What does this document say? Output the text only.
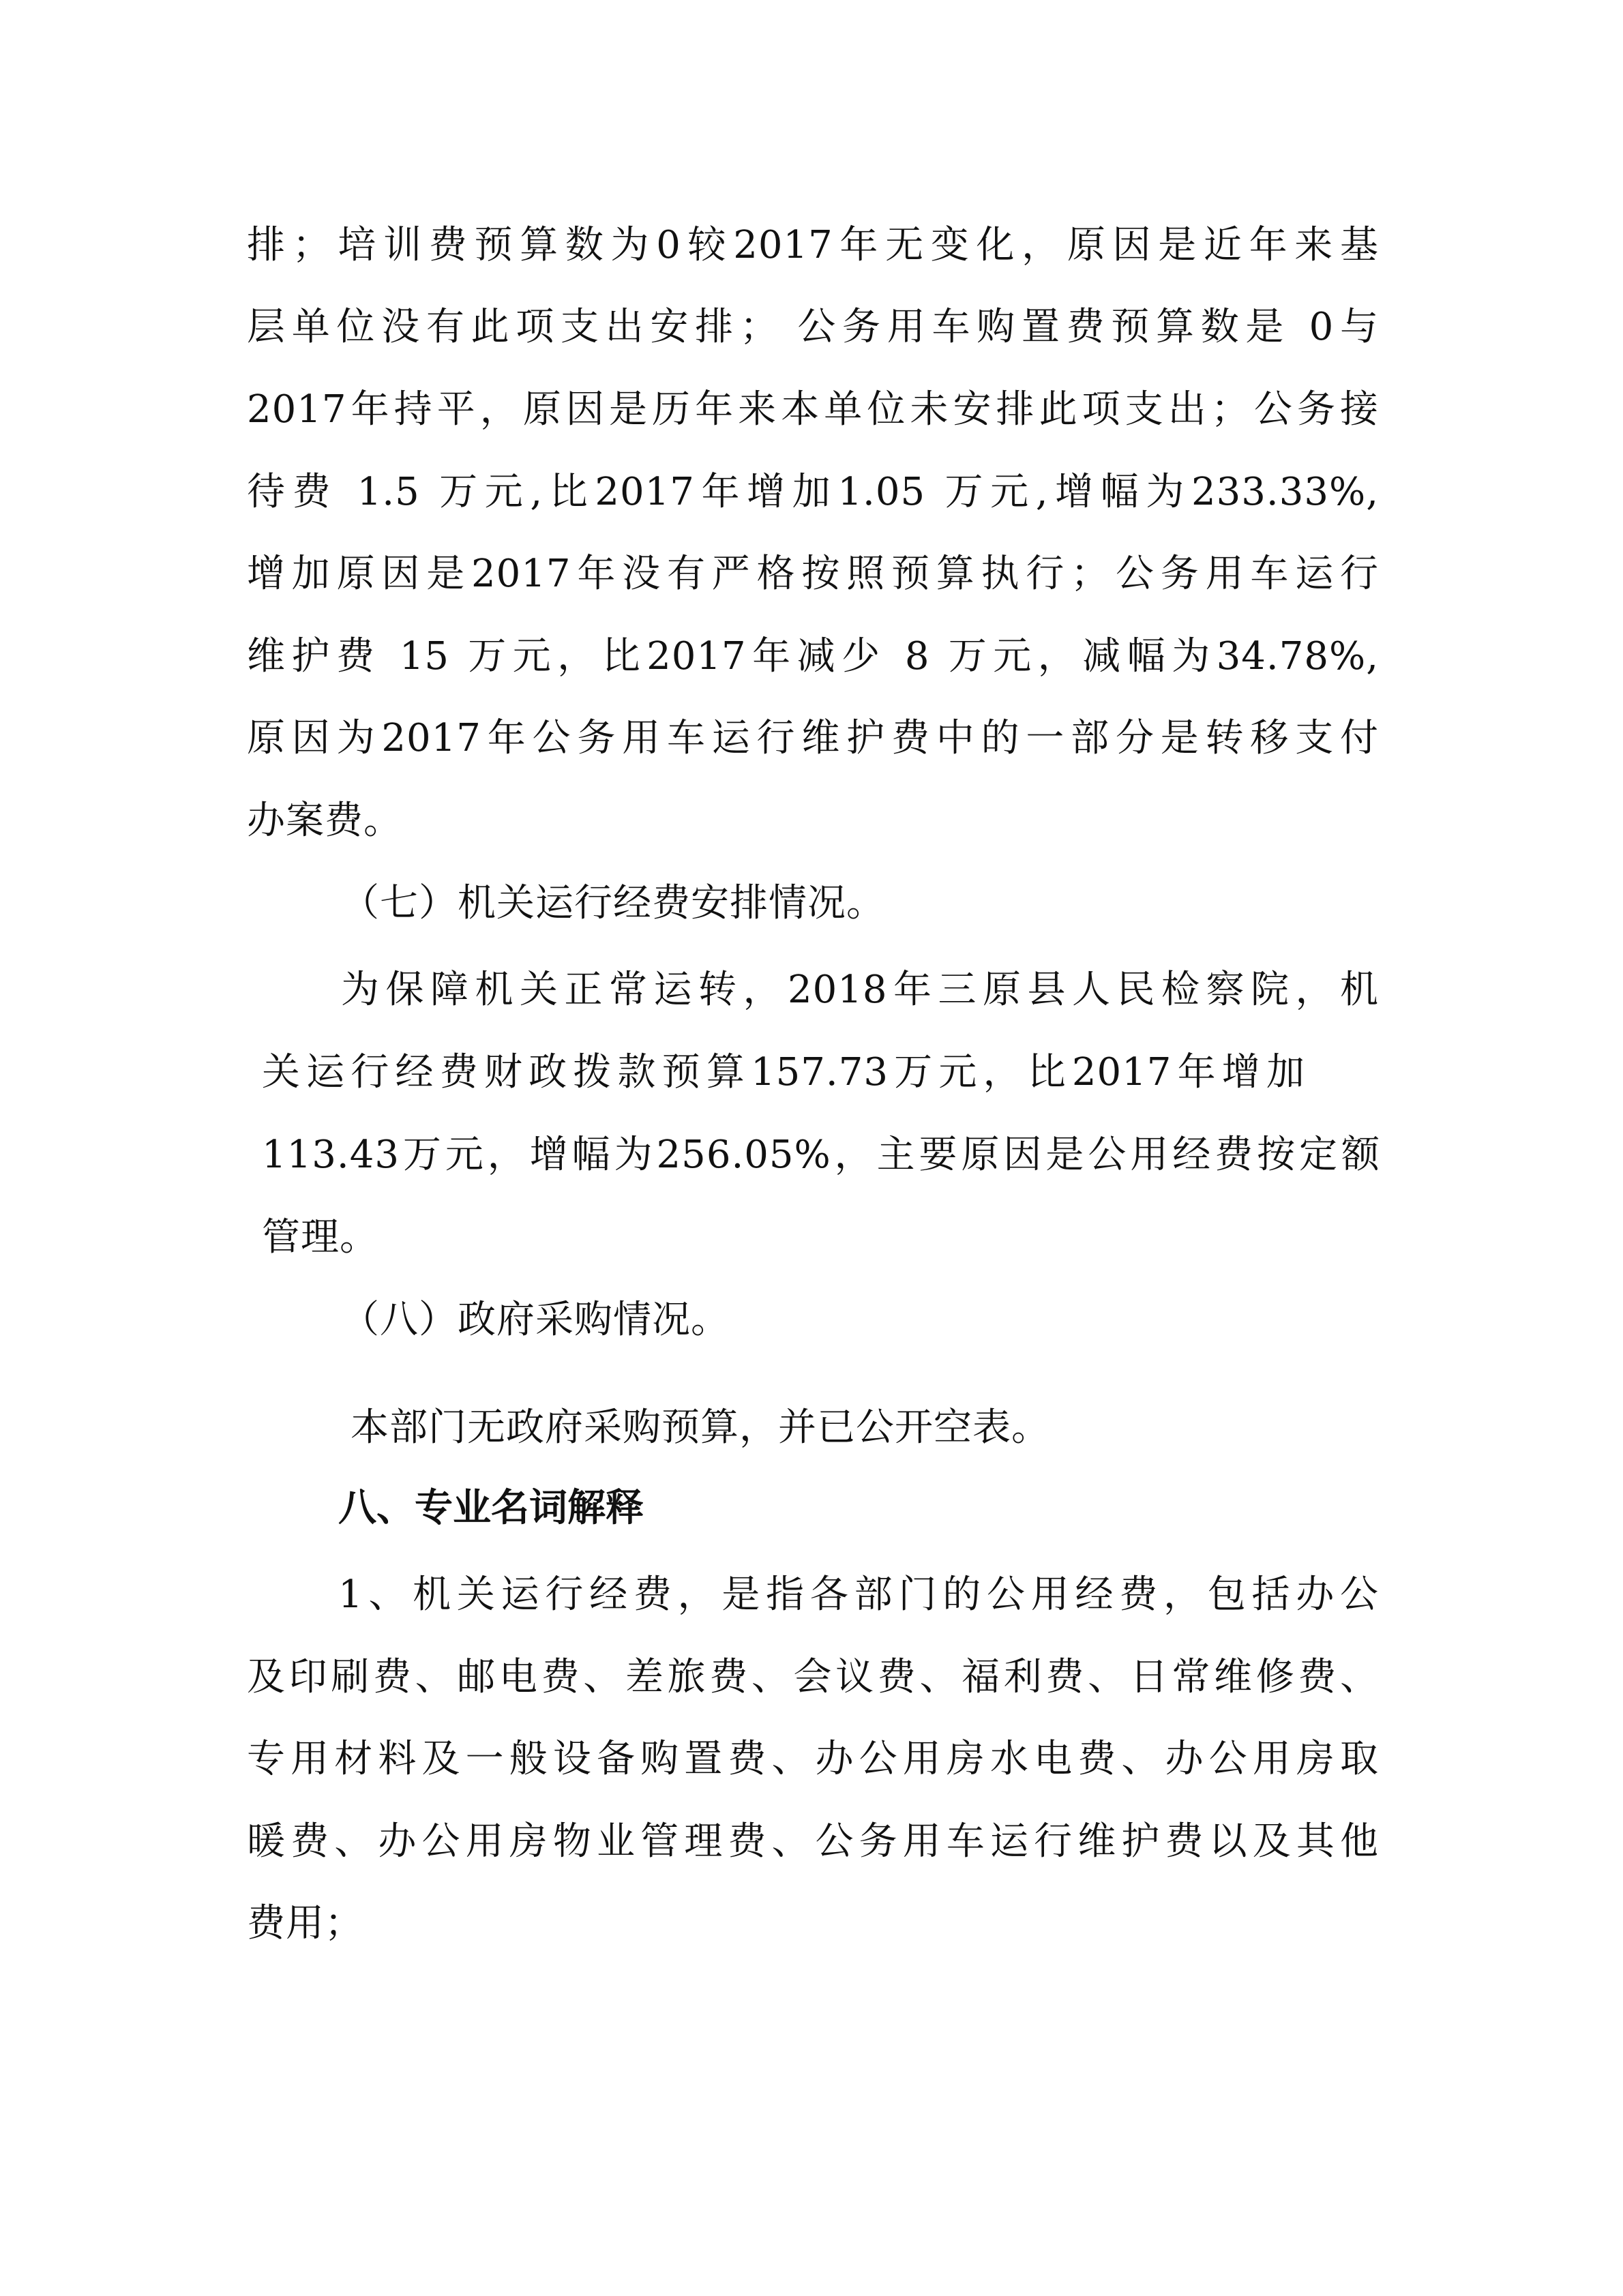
排；培训费预算数为0较2017年无变化，原因是近年来基
层单位没有此项支出安排； 公务用车购置费预算数是 0与
2017年持平，原因是历年来本单位未安排此项支出；公务接
待费 1.5 万元,比2017年增加1.05 万元,增幅为233.33%,
增加原因是2017年没有严格按照预算执行；公务用车运行
维护费 15 万元，比2017年减少 8 万元，减幅为34.78%,
原因为2017年公务用车运行维护费中的一部分是转移支付
办案费。
（七）机关运行经费安排情况。
为保障机关正常运转，2018年三原县人民检察院，机
关运行经费财政拨款预算157.73万元，比2017年增加
113.43万元，增幅为256.05%，主要原因是公用经费按定额
管理。
（八）政府采购情况。
本部门无政府采购预算，并已公开空表。
八、专业名词解释
1、机关运行经费，是指各部门的公用经费，包括办公
及印刷费、邮电费、差旅费、会议费、福利费、日常维修费、
专用材料及一般设备购置费、办公用房水电费、办公用房取
暖费、办公用房物业管理费、公务用车运行维护费以及其他
费用；
